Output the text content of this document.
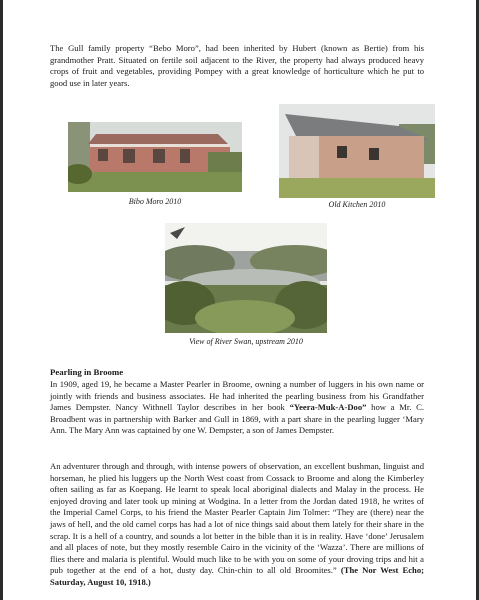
The Gull family property “Bebo Moro”, had been inherited by Hubert (known as Bertie) from his grandmother Pratt. Situated on fertile soil adjacent to the River, the property had always produced heavy crops of fruit and vegetables, providing Pompey with a great knowledge of horticulture which he put to good use in later years.

Bibo Moro 2010	Old Kitchen 2010

View of River Swan, upstream 2010

Pearling in Broome

In 1909, aged 19, he became a Master Pearler in Broome, owning a number of luggers in his own name or jointly with friends and business associates. He had inherited the pearling business from his Grandfather James Dempster. Nancy Withnell Taylor describes in her book “Yeera-Muk-A-Doo” how a Mr. C. Broadbent was in partnership with Barker and Gull in 1869, with a part share in the pearling lugger ‘Mary Ann. The Mary Ann was captained by one W. Dempster, a son of James Dempster.

An adventurer through and through, with intense powers of observation, an excellent bushman, linguist and horseman, he plied his luggers up the North West coast from Cossack to Broome and along the Kimberley often sailing as far as Koepang. He learnt to speak local aboriginal dialects and Malay in the process. He enjoyed droving and later took up mining at Wodgina. In a letter from the Jordan dated 1918, he writes of the Imperial Camel Corps, to his friend the Master Pearler Captain Jim Tolmer: “They are (there) near the jaws of hell, and the old camel corps has had a lot of nice things said about them lately for their share in the scrap. It is a hell of a country, and sounds a lot better in the bible than it is in reality. Have ‘done’ Jerusalem and all places of note, but they mostly resemble Cairo in the vicinity of the ‘Wazza’. There are millions of flies there and malaria is plentiful. Would much like to be with you on some of your droving trips and hit a pub together at the end of a hot, dusty day. Chin-chin to all old Broomites.” (The Nor West Echo; Saturday, August 10, 1918.)
